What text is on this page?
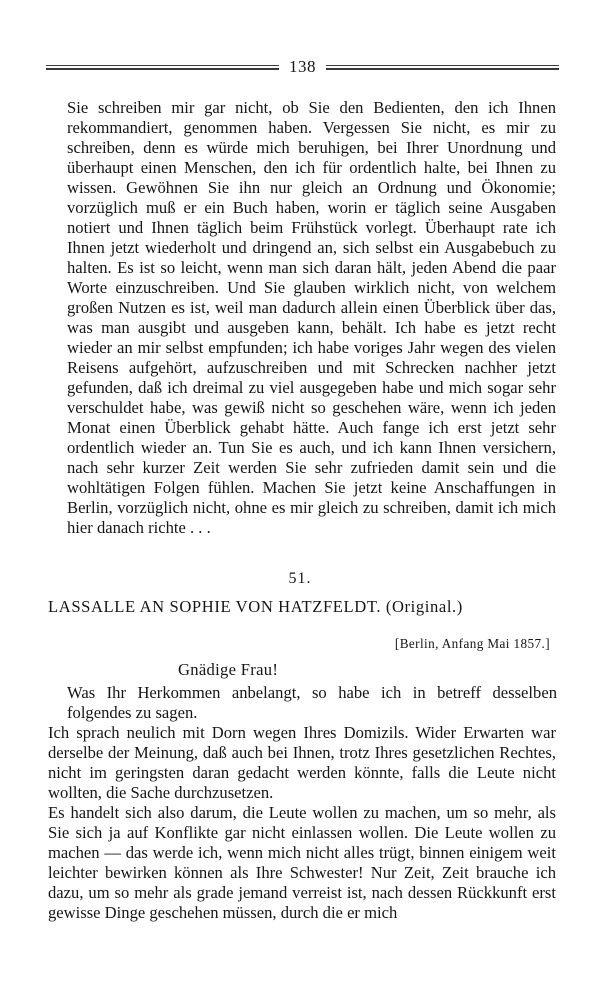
138

Sie schreiben mir gar nicht, ob Sie den Bedienten, den ich Ihnen rekommandiert, genommen haben. Vergessen Sie nicht, es mir zu schreiben, denn es würde mich beruhigen, bei Ihrer Unordnung und überhaupt einen Menschen, den ich für ordentlich halte, bei Ihnen zu wissen. Gewöhnen Sie ihn nur gleich an Ordnung und Ökonomie; vorzüglich muß er ein Buch haben, worin er täglich seine Ausgaben notiert und Ihnen täglich beim Frühstück vorlegt. Überhaupt rate ich Ihnen jetzt wiederholt und dringend an, sich selbst ein Ausgabebuch zu halten. Es ist so leicht, wenn man sich daran hält, jeden Abend die paar Worte einzuschreiben. Und Sie glauben wirklich nicht, von welchem großen Nutzen es ist, weil man dadurch allein einen Überblick über das, was man ausgibt und ausgeben kann, behält. Ich habe es jetzt recht wieder an mir selbst empfunden; ich habe voriges Jahr wegen des vielen Reisens aufgehört, aufzuschreiben und mit Schrecken nachher jetzt gefunden, daß ich dreimal zu viel ausgegeben habe und mich sogar sehr verschuldet habe, was gewiß nicht so geschehen wäre, wenn ich jeden Monat einen Überblick gehabt hätte. Auch fange ich erst jetzt sehr ordentlich wieder an. Tun Sie es auch, und ich kann Ihnen versichern, nach sehr kurzer Zeit werden Sie sehr zufrieden damit sein und die wohltätigen Folgen fühlen. Machen Sie jetzt keine Anschaffungen in Berlin, vorzüglich nicht, ohne es mir gleich zu schreiben, damit ich mich hier danach richte . . .

51.
LASSALLE AN SOPHIE VON HATZFELDT. (Original.)
[Berlin, Anfang Mai 1857.]
Gnädige Frau!

Was Ihr Herkommen anbelangt, so habe ich in betreff desselben folgendes zu sagen.

Ich sprach neulich mit Dorn wegen Ihres Domizils. Wider Erwarten war derselbe der Meinung, daß auch bei Ihnen, trotz Ihres gesetzlichen Rechtes, nicht im geringsten daran gedacht werden könnte, falls die Leute nicht wollten, die Sache durchzusetzen.

Es handelt sich also darum, die Leute wollen zu machen, um so mehr, als Sie sich ja auf Konflikte gar nicht einlassen wollen. Die Leute wollen zu machen — das werde ich, wenn mich nicht alles trügt, binnen einigem weit leichter bewirken können als Ihre Schwester! Nur Zeit, Zeit brauche ich dazu, um so mehr als grade jemand verreist ist, nach dessen Rückkunft erst gewisse Dinge geschehen müssen, durch die er mich
